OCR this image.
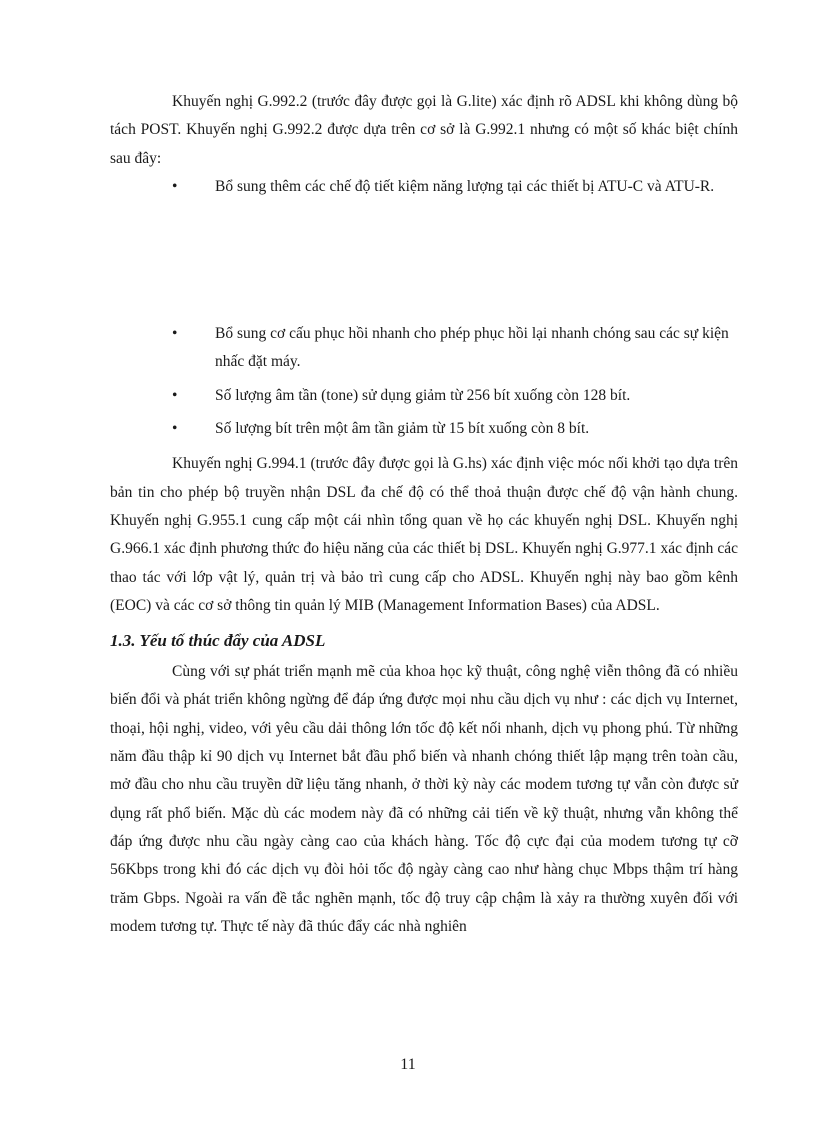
Khuyến nghị G.992.2 (trước đây được gọi là G.lite) xác định rõ ADSL khi không dùng bộ tách POST. Khuyến nghị G.992.2 được dựa trên cơ sở là G.992.1 nhưng có một số khác biệt chính sau đây:

• Bổ sung thêm các chế độ tiết kiệm năng lượng tại các thiết bị ATU-C và ATU-R.
• Bổ sung cơ cấu phục hồi nhanh cho phép phục hồi lại nhanh chóng sau các sự kiện nhấc đặt máy.
• Số lượng âm tần (tone) sử dụng giảm từ 256 bít xuống còn 128 bít.
• Số lượng bít trên một âm tần giảm từ 15 bít xuống còn 8 bít.

Khuyến nghị G.994.1 (trước đây được gọi là G.hs) xác định việc móc nối khởi tạo dựa trên bản tin cho phép bộ truyền nhận DSL đa chế độ có thể thoả thuận được chế độ vận hành chung. Khuyến nghị G.955.1 cung cấp một cái nhìn tổng quan về họ các khuyến nghị DSL. Khuyến nghị G.966.1 xác định phương thức đo hiệu năng của các thiết bị DSL. Khuyến nghị G.977.1 xác định các thao tác với lớp vật lý, quản trị và bảo trì cung cấp cho ADSL. Khuyến nghị này bao gồm kênh (EOC) và các cơ sở thông tin quản lý MIB (Management Information Bases) của ADSL.

1.3. Yếu tố thúc đẩy của ADSL

Cùng với sự phát triển mạnh mẽ của khoa học kỹ thuật, công nghệ viễn thông đã có nhiều biến đổi và phát triển không ngừng để đáp ứng được mọi nhu cầu dịch vụ như : các dịch vụ Internet, thoại, hội nghị, video, với yêu cầu dải thông lớn tốc độ kết nối nhanh, dịch vụ phong phú. Từ những năm đầu thập kỉ 90 dịch vụ Internet bắt đầu phổ biến và nhanh chóng thiết lập mạng trên toàn cầu, mở đầu cho nhu cầu truyền dữ liệu tăng nhanh, ở thời kỳ này các modem tương tự vẫn còn được sử dụng rất phổ biến. Mặc dù các modem này đã có những cải tiến về kỹ thuật, nhưng vẫn không thể đáp ứng được nhu cầu ngày càng cao của khách hàng. Tốc độ cực đại của modem tương tự cỡ 56Kbps trong khi đó các dịch vụ đòi hỏi tốc độ ngày càng cao như hàng chục Mbps thậm trí hàng trăm Gbps. Ngoài ra vấn đề tắc nghẽn mạnh, tốc độ truy cập chậm là xảy ra thường xuyên đối với modem tương tự. Thực tế này đã thúc đẩy các nhà nghiên

11
